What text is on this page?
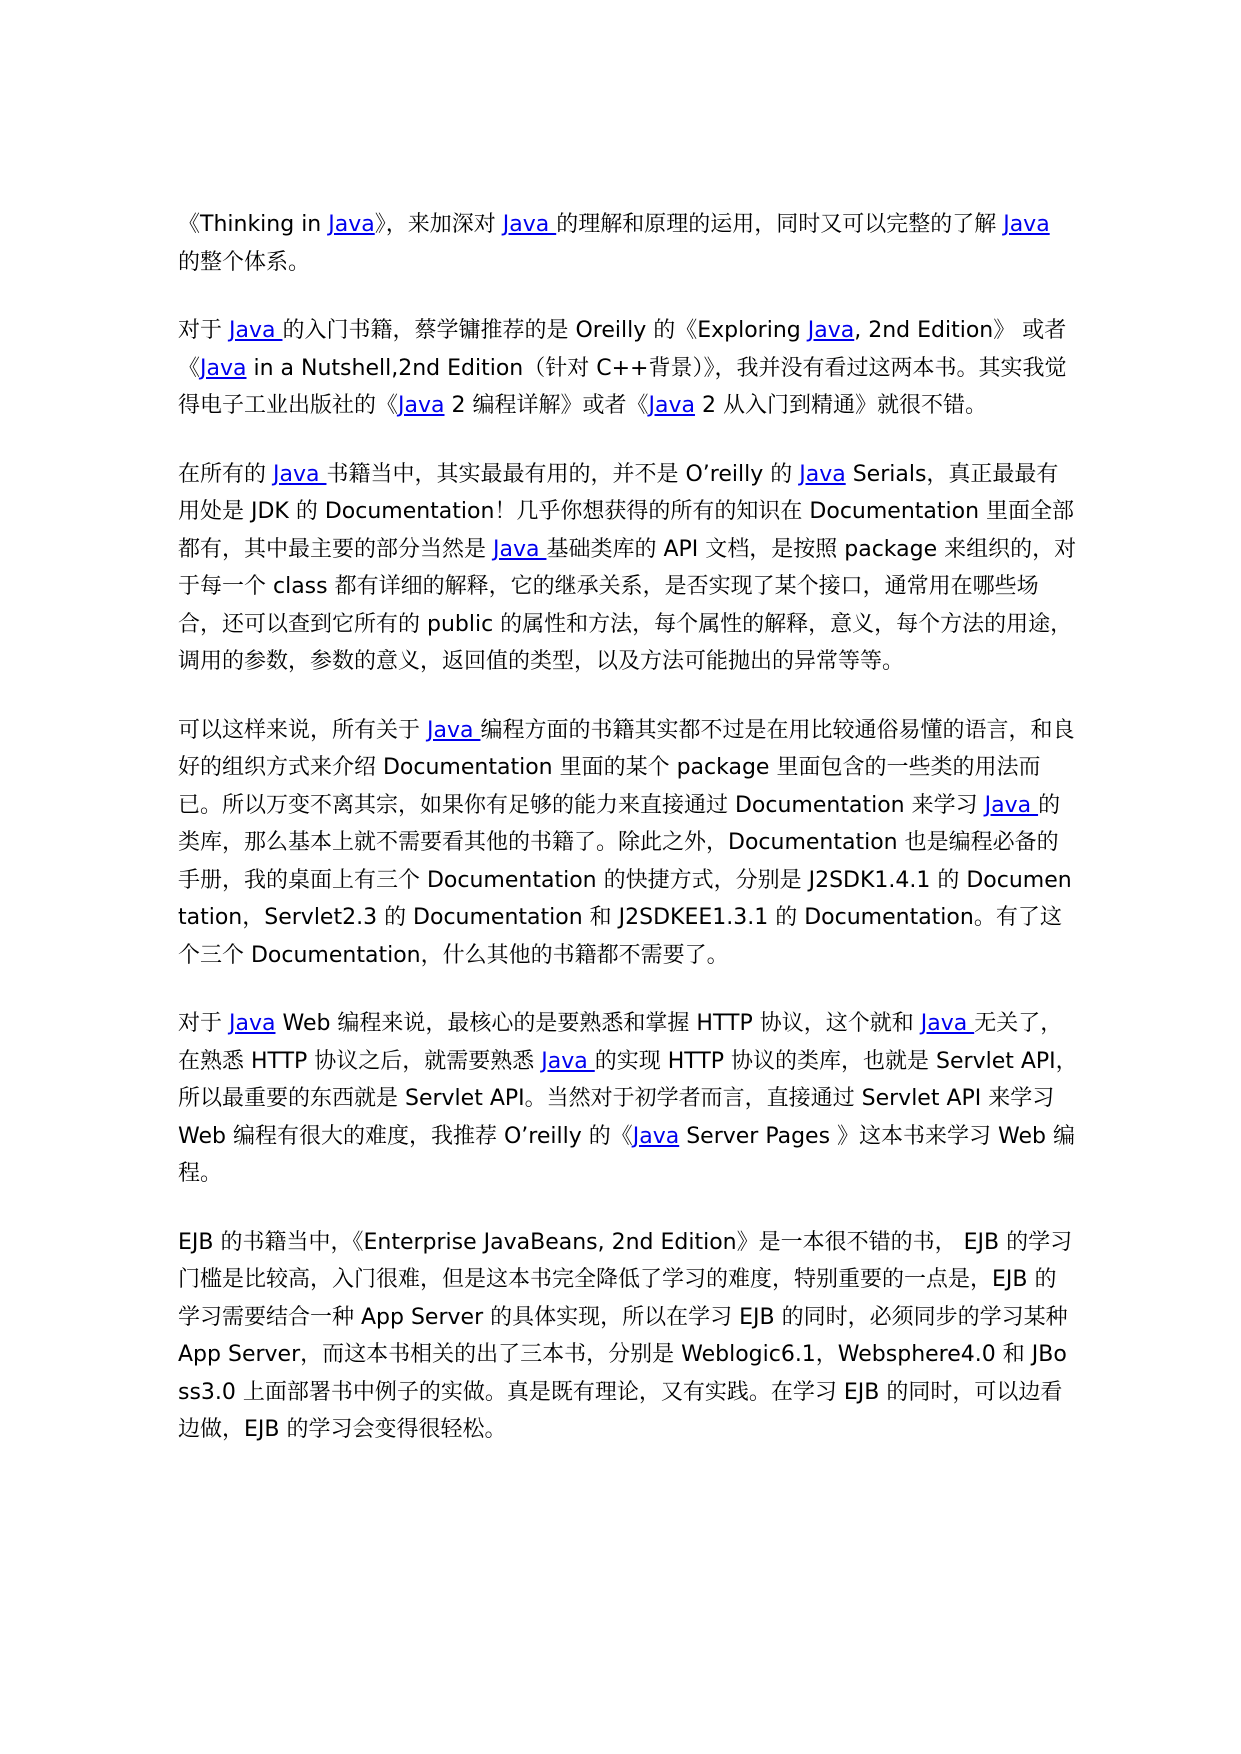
《Thinking in Java》，来加深对 Java 的理解和原理的运用，同时又可以完整的了解 Java 的整个体系。

对于 Java 的入门书籍，蔡学镛推荐的是 Oreilly 的《Exploring Java, 2nd Edition》 或者《Java in a Nutshell,2nd Edition（针对 C++背景）》，我并没有看过这两本书。其实我觉得电子工业出版社的《Java 2 编程详解》或者《Java 2 从入门到精通》就很不错。

在所有的 Java 书籍当中，其实最最有用的，并不是 O’reilly 的 Java Serials，真正最最有用处是 JDK 的 Documentation！几乎你想获得的所有的知识在 Documentation 里面全部都有，其中最主要的部分当然是 Java 基础类库的 API 文档，是按照 package 来组织的，对于每一个 class 都有详细的解释，它的继承关系，是否实现了某个接口，通常用在哪些场合，还可以查到它所有的 public 的属性和方法，每个属性的解释，意义，每个方法的用途，调用的参数，参数的意义，返回值的类型，以及方法可能抛出的异常等等。

可以这样来说，所有关于 Java 编程方面的书籍其实都不过是在用比较通俗易懂的语言，和良好的组织方式来介绍 Documentation 里面的某个 package 里面包含的一些类的用法而已。所以万变不离其宗，如果你有足够的能力来直接通过 Documentation 来学习 Java 的类库，那么基本上就不需要看其他的书籍了。除此之外，Documentation 也是编程必备的手册，我的桌面上有三个 Documentation 的快捷方式，分别是 J2SDK1.4.1 的 Documentation，Servlet2.3 的 Documentation 和 J2SDKEE1.3.1 的 Documentation。有了这个三个 Documentation，什么其他的书籍都不需要了。

对于 Java Web 编程来说，最核心的是要熟悉和掌握 HTTP 协议，这个就和 Java 无关了，在熟悉 HTTP 协议之后，就需要熟悉 Java 的实现 HTTP 协议的类库，也就是 Servlet API，所以最重要的东西就是 Servlet API。当然对于初学者而言，直接通过 Servlet API 来学习 Web 编程有很大的难度，我推荐 O’reilly 的《Java Server Pages 》这本书来学习 Web 编程。

EJB 的书籍当中，《Enterprise JavaBeans, 2nd Edition》是一本很不错的书， EJB 的学习门槛是比较高，入门很难，但是这本书完全降低了学习的难度，特别重要的一点是，EJB 的学习需要结合一种 App Server 的具体实现，所以在学习 EJB 的同时，必须同步的学习某种 App Server，而这本书相关的出了三本书，分别是 Weblogic6.1，Websphere4.0 和 JBoss3.0 上面部署书中例子的实做。真是既有理论，又有实践。在学习 EJB 的同时，可以边看边做，EJB 的学习会变得很轻松。
